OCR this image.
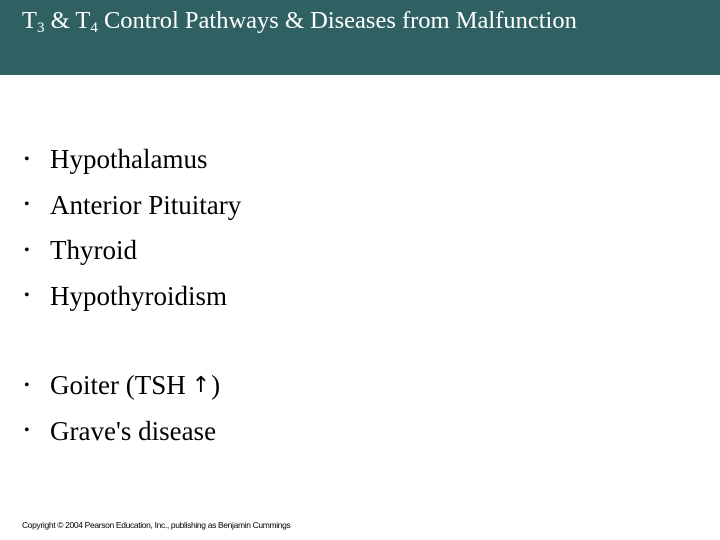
$T_3$ & $T_4$ Control Pathways & Diseases from Malfunction
• Hypothalamus
• Anterior Pituitary
• Thyroid
• Hypothyroidism
• Goiter (TSH ↑ )
• Grave's disease
Copyright © 2004 Pearson Education, Inc., publishing as Benjamin Cummings
